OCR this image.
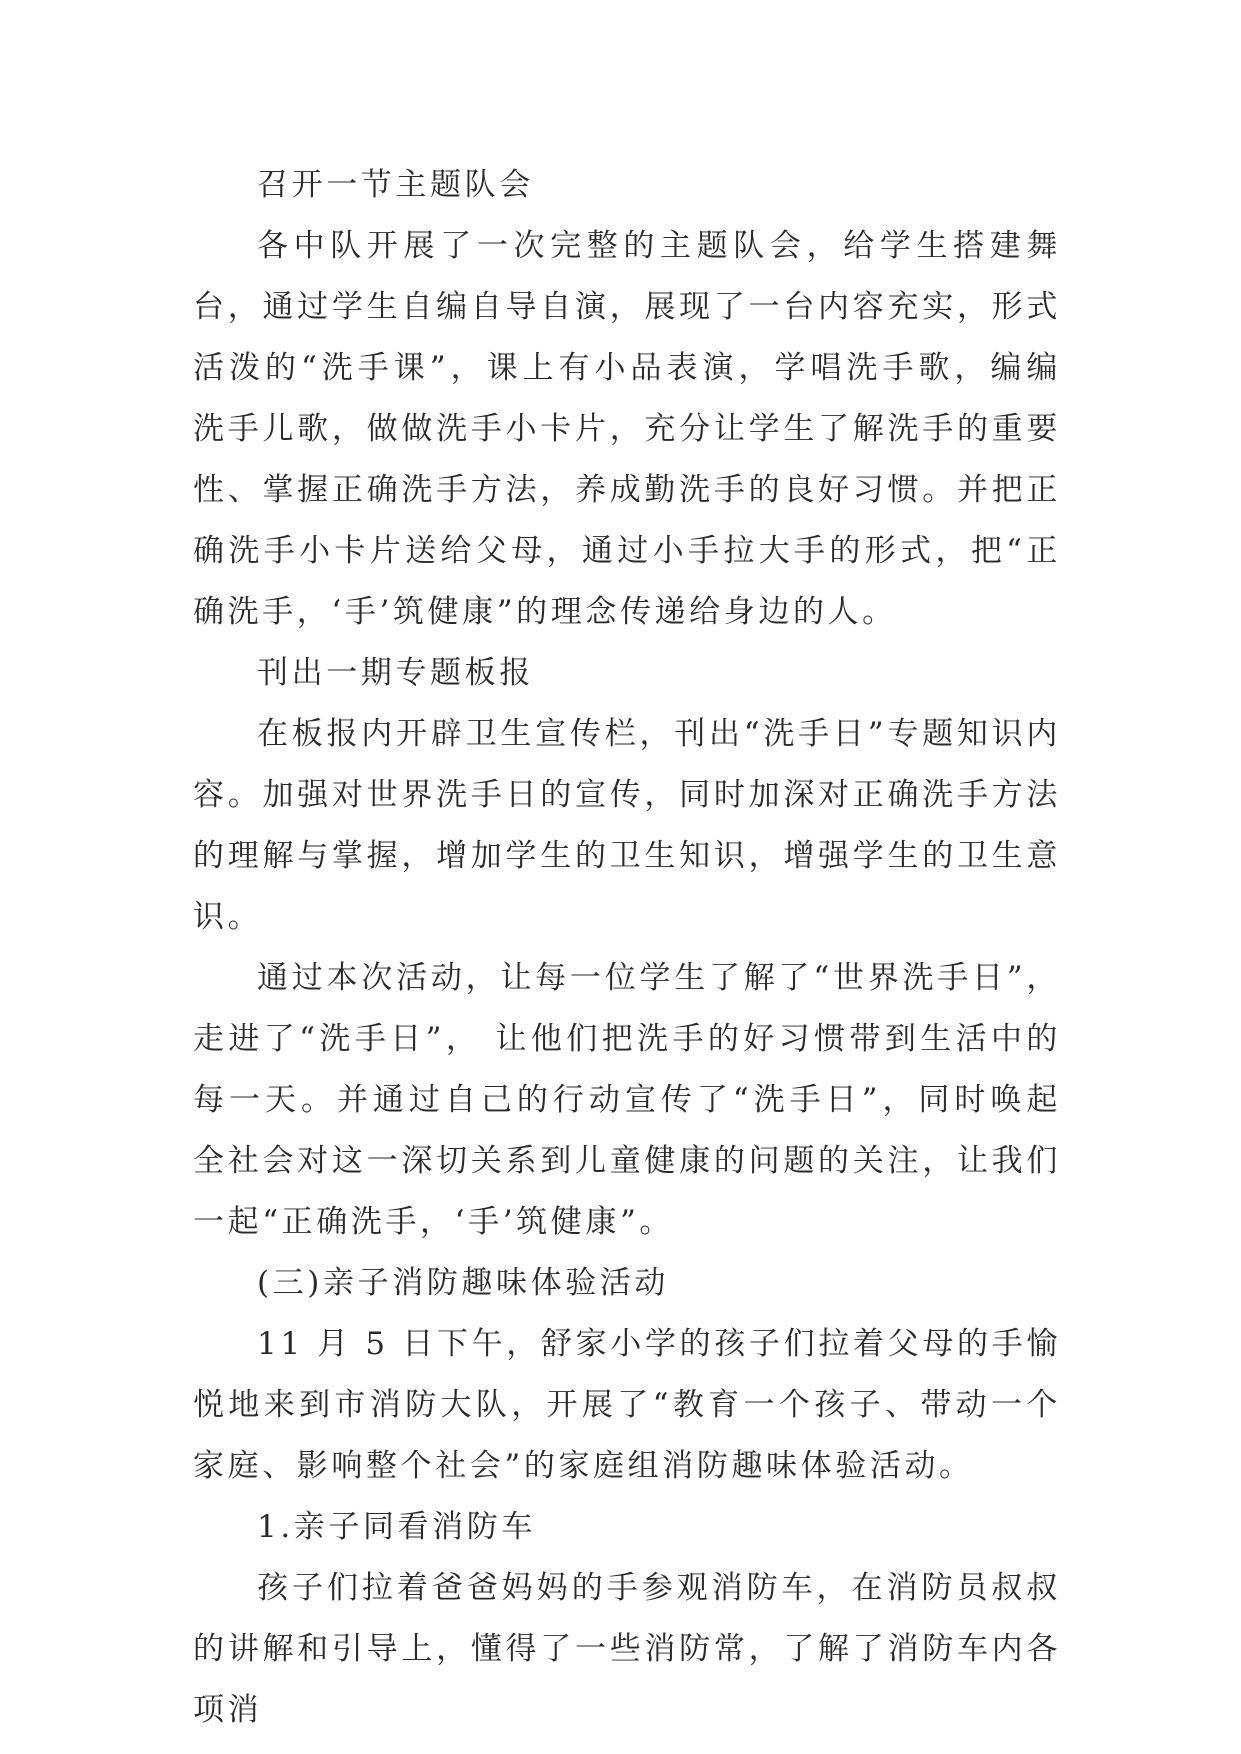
召开一节主题队会

各中队开展了一次完整的主题队会，给学生搭建舞台，通过学生自编自导自演，展现了一台内容充实，形式活泼的“洗手课”，课上有小品表演，学唱洗手歌，编编洗手儿歌，做做洗手小卡片，充分让学生了解洗手的重要性、掌握正确洗手方法，养成勤洗手的良好习惯。并把正确洗手小卡片送给父母，通过小手拉大手的形式，把“正确洗手，‘手’筑健康”的理念传递给身边的人。

刊出一期专题板报

在板报内开辟卫生宣传栏，刊出“洗手日”专题知识内容。加强对世界洗手日的宣传，同时加深对正确洗手方法的理解与掌握，增加学生的卫生知识，增强学生的卫生意识。

通过本次活动，让每一位学生了解了“世界洗手日”，走进了“洗手日”， 让他们把洗手的好习惯带到生活中的每一天。并通过自己的行动宣传了“洗手日”，同时唤起全社会对这一深切关系到儿童健康的问题的关注，让我们一起“正确洗手，‘手’筑健康”。

(三)亲子消防趣味体验活动

11 月 5 日下午，舒家小学的孩子们拉着父母的手愉悦地来到市消防大队，开展了“教育一个孩子、带动一个家庭、影响整个社会”的家庭组消防趣味体验活动。

1.亲子同看消防车

孩子们拉着爸爸妈妈的手参观消防车，在消防员叔叔的讲解和引导上，懂得了一些消防常，了解了消防车内各项消
